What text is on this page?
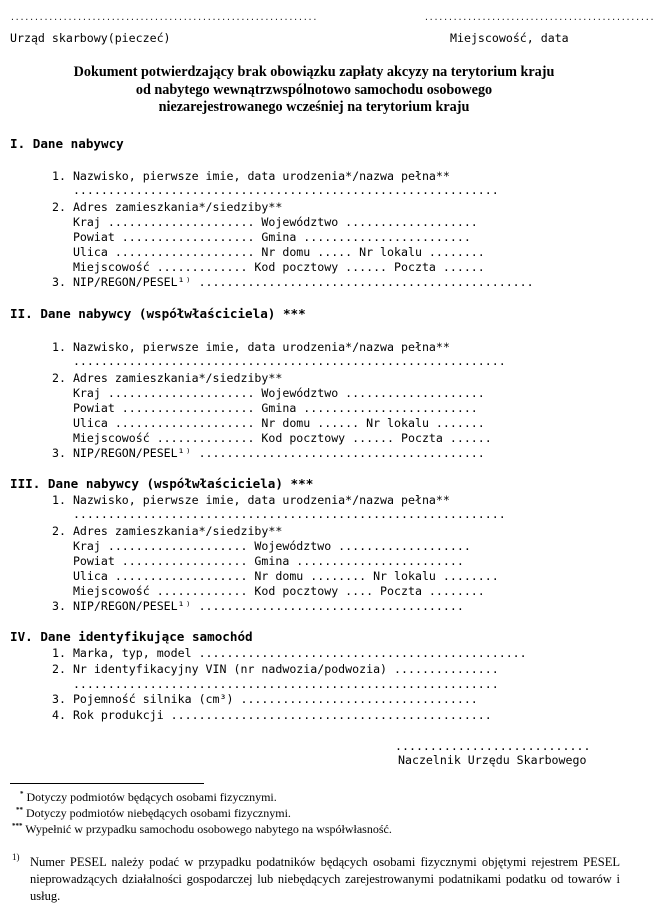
................................................................
Urząd skarbowy(pieczeć)
................................................
Miejscowość, data
Dokument potwierdzający brak obowiązku zapłaty akcyzy na terytorium kraju
od nabytego wewnątrzwspólnotowo samochodu osobowego
niezarejestrowanego wcześniej na terytorium kraju
I. Dane nabywcy
1. Nazwisko, pierwsze imie, data urodzenia*/nazwa pełna**
.............................................................
2. Adres zamieszkania*/siedziby**
Kraj ..................... Województwo ...................
Powiat ................... Gmina ........................
Ulica .................... Nr domu ..... Nr lokalu ........
Miejscowość ............. Kod pocztowy ...... Poczta ......
3. NIP/REGON/PESEL¹⁾ ................................................
II. Dane nabywcy (współwłaściciela) ***
1. Nazwisko, pierwsze imie, data urodzenia*/nazwa pełna**
..............................................................
2. Adres zamieszkania*/siedziby**
Kraj ..................... Województwo ....................
Powiat ................... Gmina .........................
Ulica .................... Nr domu ...... Nr lokalu .......
Miejscowość .............. Kod pocztowy ...... Poczta ......
3. NIP/REGON/PESEL¹⁾ .........................................
III. Dane nabywcy (współwłaściciela) ***
1. Nazwisko, pierwsze imie, data urodzenia*/nazwa pełna**
..............................................................
2. Adres zamieszkania*/siedziby**
Kraj .................... Województwo ...................
Powiat .................. Gmina ........................
Ulica ................... Nr domu ........ Nr lokalu ........
Miejscowość ............. Kod pocztowy .... Poczta ........
3. NIP/REGON/PESEL¹⁾ ......................................
IV. Dane identyfikujące samochód
1. Marka, typ, model ...............................................
2. Nr identyfikacyjny VIN (nr nadwozia/podwozia) ...............
.............................................................
3. Pojemność silnika (cm³) ..................................
4. Rok produkcji ..............................................
............................
Naczelnik Urzędu Skarbowego
* Dotyczy podmiotów będących osobami fizycznymi.
** Dotyczy podmiotów niebędących osobami fizycznymi.
*** Wypełnić w przypadku samochodu osobowego nabytego na współwłasność.
1) Numer PESEL należy podać w przypadku podatników będących osobami fizycznymi objętymi rejestrem PESEL nieprowadzących działalności gospodarczej lub niebędących zarejestrowanymi podatnikami podatku od towarów i usług.
